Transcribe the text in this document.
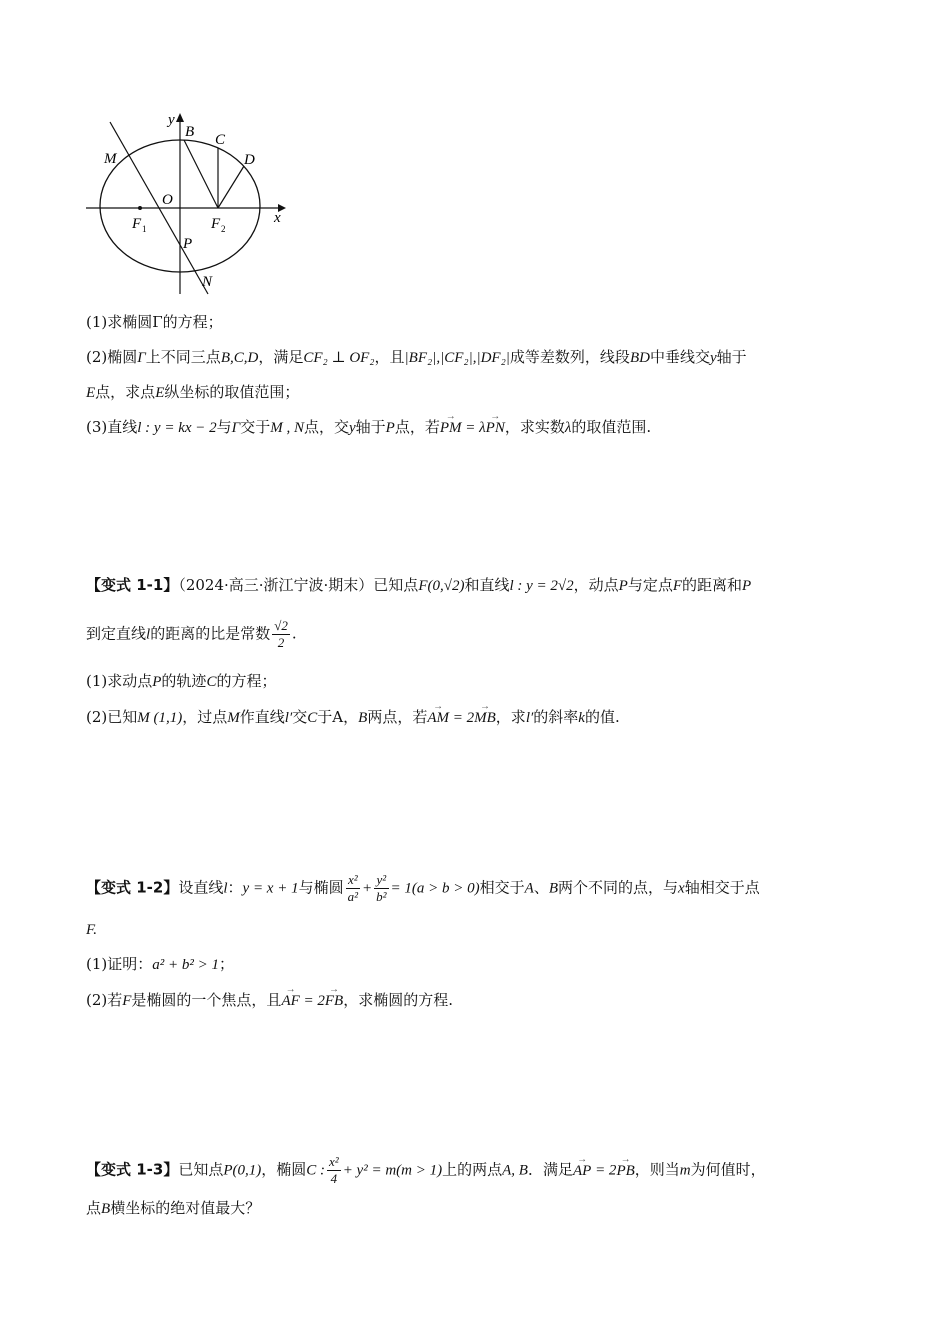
y
x
B C
D
M
O
F 1	F 2
P
N
(1)求椭圆Γ的方程；
(2)椭圆Γ上不同三点B,C,D，满足CF₂ ⊥ OF₂，且|BF₂|,|CF₂|,|DF₂|成等差数列，线段BD中垂线交y轴于
E点，求点E纵坐标的取值范围；
(3)直线l : y = kx − 2与Γ交于M , N点，交y轴于P点，若→ PM = λ→ PN，求实数λ的取值范围.
【变式 1-1】（2024·高三·浙江宁波·期末）已知点F(0,√2)和直线l : y = 2√2，动点P与定点F的距离和P
到定直线l的距离的比是常数 $\frac{√2}{2}$ .
(1)求动点P的轨迹C的方程；
(2)已知M (1,1)，过点M作直线l′交C于A，B两点，若→ AM = 2→ MB，求l′的斜率k的值.
【变式 1-2】设直线l：y = x + 1与椭圆 $\frac{\text{x²}}{\text{a²}} + \frac{\text{y²}}{\text{b²}} = 1(a > b > 0)$相交于A、B两个不同的点，与x轴相交于点
F.
(1)证明：a² + b² > 1；
(2)若F是椭圆的一个焦点，且→ AF = 2→ FB，求椭圆的方程.
【变式 1-3】已知点P(0,1)，椭圆C : $\frac{\text{x²}}{4} + y^2 = m(m > 1)$上的两点A, B．满足→ AP = 2→ PB，则当m为何值时，
点B横坐标的绝对值最大？
